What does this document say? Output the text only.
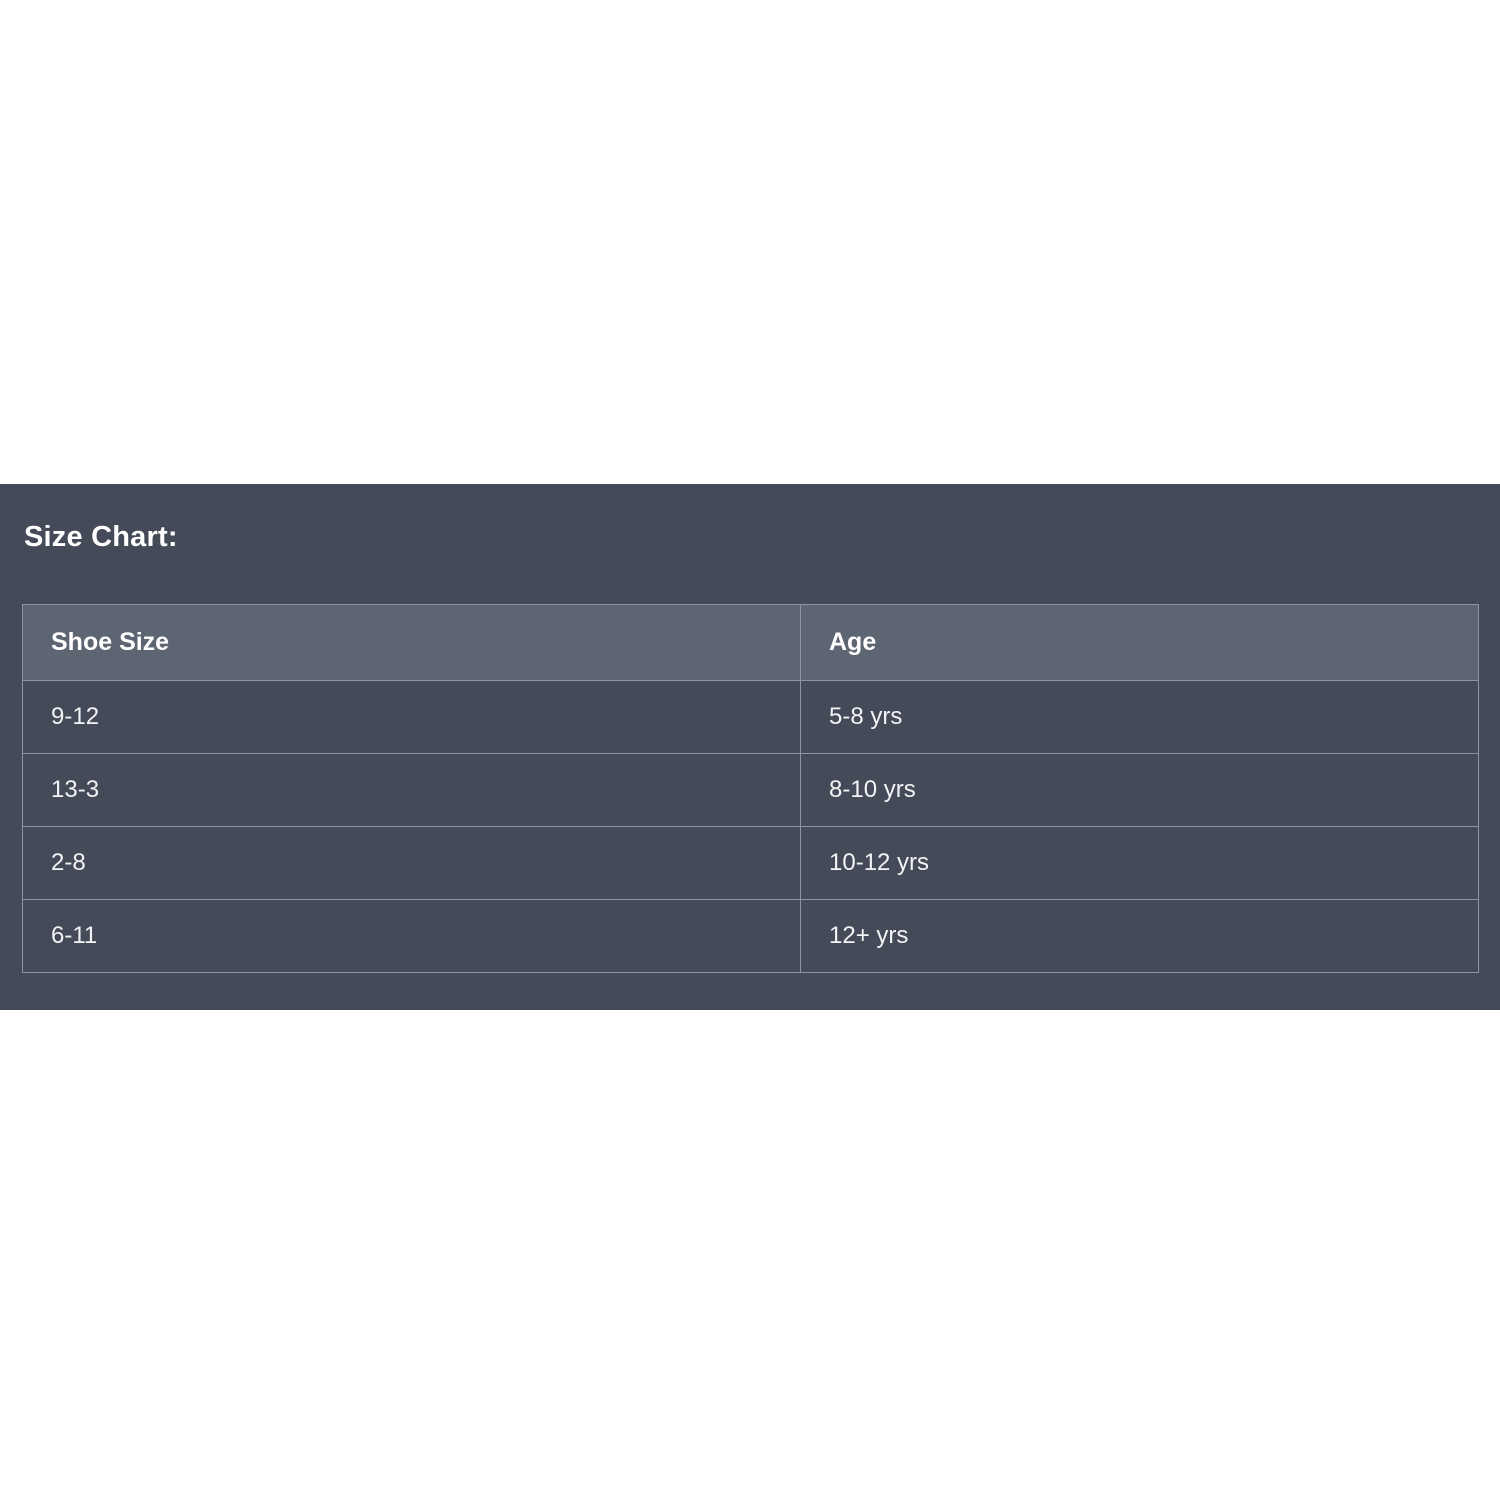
Size Chart:
Shoe Size	Age
9-12	5-8 yrs
13-3	8-10 yrs
2-8	10-12 yrs
6-11	12+ yrs
